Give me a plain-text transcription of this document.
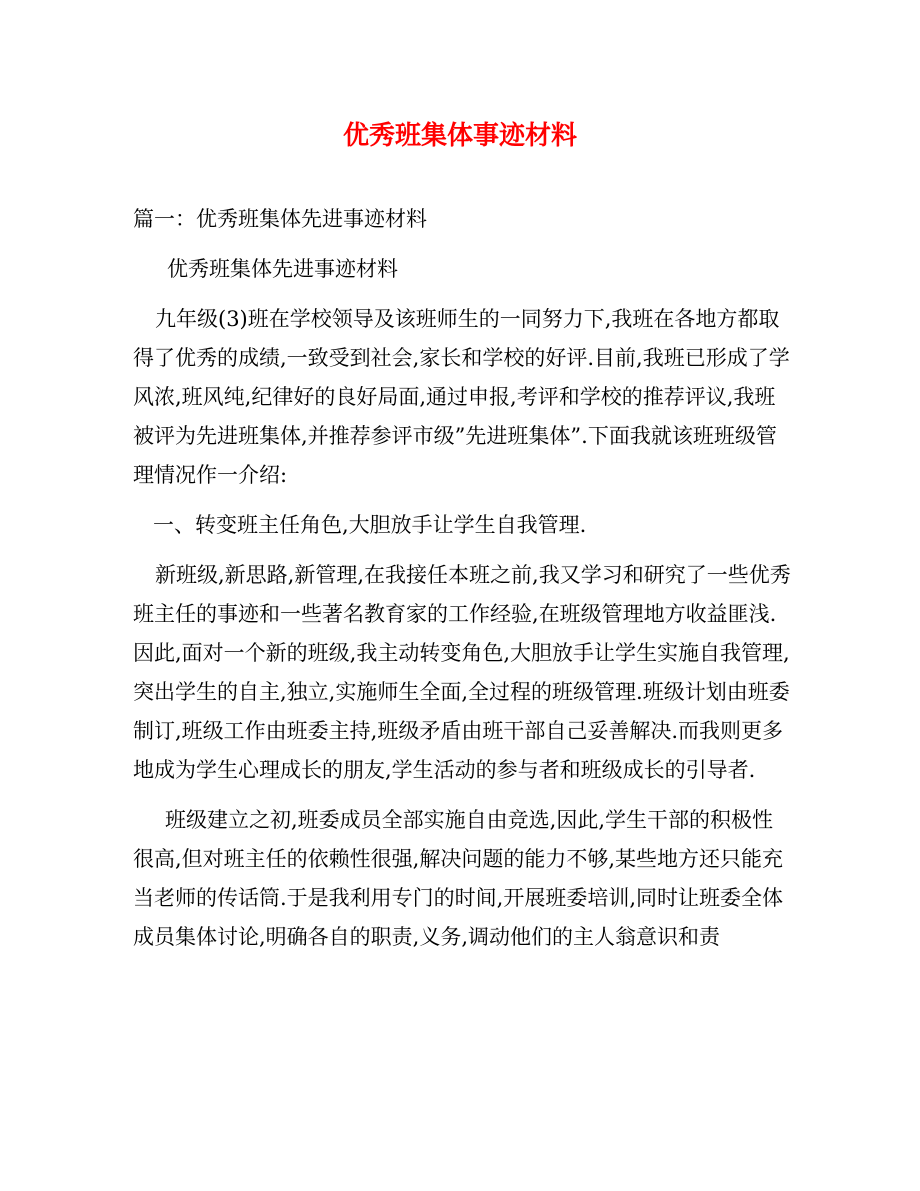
优秀班集体事迹材料

篇一：优秀班集体先进事迹材料

优秀班集体先进事迹材料

九年级(3)班在学校领导及该班师生的一同努力下,我班在各地方都取得了优秀的成绩,一致受到社会,家长和学校的好评.目前,我班已形成了学风浓,班风纯,纪律好的良好局面,通过申报,考评和学校的推荐评议,我班被评为先进班集体,并推荐参评市级”先进班集体”.下面我就该班班级管理情况作一介绍:

一、转变班主任角色,大胆放手让学生自我管理.

新班级,新思路,新管理,在我接任本班之前,我又学习和研究了一些优秀班主任的事迹和一些著名教育家的工作经验,在班级管理地方收益匪浅.因此,面对一个新的班级,我主动转变角色,大胆放手让学生实施自我管理,突出学生的自主,独立,实施师生全面,全过程的班级管理.班级计划由班委制订,班级工作由班委主持,班级矛盾由班干部自己妥善解决.而我则更多地成为学生心理成长的朋友,学生活动的参与者和班级成长的引导者.

班级建立之初,班委成员全部实施自由竞选,因此,学生干部的积极性很高,但对班主任的依赖性很强,解决问题的能力不够,某些地方还只能充当老师的传话筒.于是我利用专门的时间,开展班委培训,同时让班委全体成员集体讨论,明确各自的职责,义务,调动他们的主人翁意识和责
